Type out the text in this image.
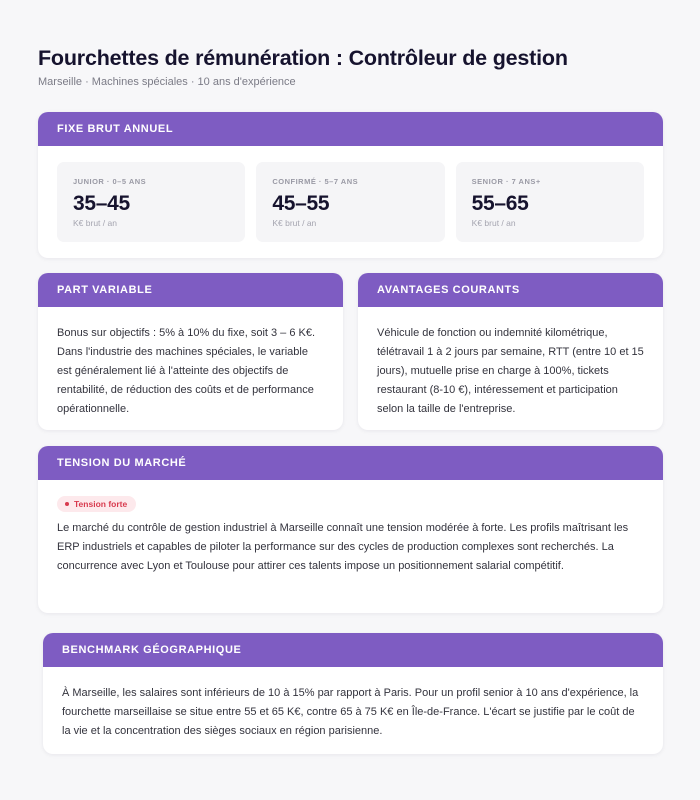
Fourchettes de rémunération : Contrôleur de gestion
Marseille · Machines spéciales · 10 ans d'expérience
FIXE BRUT ANNUEL
JUNIOR · 0–5 ANS
35–45
K€ brut / an
CONFIRMÉ · 5–7 ANS
45–55
K€ brut / an
SENIOR · 7 ANS+
55–65
K€ brut / an
PART VARIABLE

Bonus sur objectifs : 5% à 10% du fixe, soit 3 – 6 K€. Dans l'industrie des machines spéciales, le variable est généralement lié à l'atteinte des objectifs de rentabilité, de réduction des coûts et de performance opérationnelle.

AVANTAGES COURANTS

Véhicule de fonction ou indemnité kilométrique, télétravail 1 à 2 jours par semaine, RTT (entre 10 et 15 jours), mutuelle prise en charge à 100%, tickets restaurant (8-10 €), intéressement et participation selon la taille de l'entreprise.

TENSION DU MARCHÉ
Tension forte

Le marché du contrôle de gestion industriel à Marseille connaît une tension modérée à forte. Les profils maîtrisant les ERP industriels et capables de piloter la performance sur des cycles de production complexes sont recherchés. La concurrence avec Lyon et Toulouse pour attirer ces talents impose un positionnement salarial compétitif.

BENCHMARK GÉOGRAPHIQUE

À Marseille, les salaires sont inférieurs de 10 à 15% par rapport à Paris. Pour un profil senior à 10 ans d'expérience, la fourchette marseillaise se situe entre 55 et 65 K€, contre 65 à 75 K€ en Île-de-France. L'écart se justifie par le coût de la vie et la concentration des sièges sociaux en région parisienne.
